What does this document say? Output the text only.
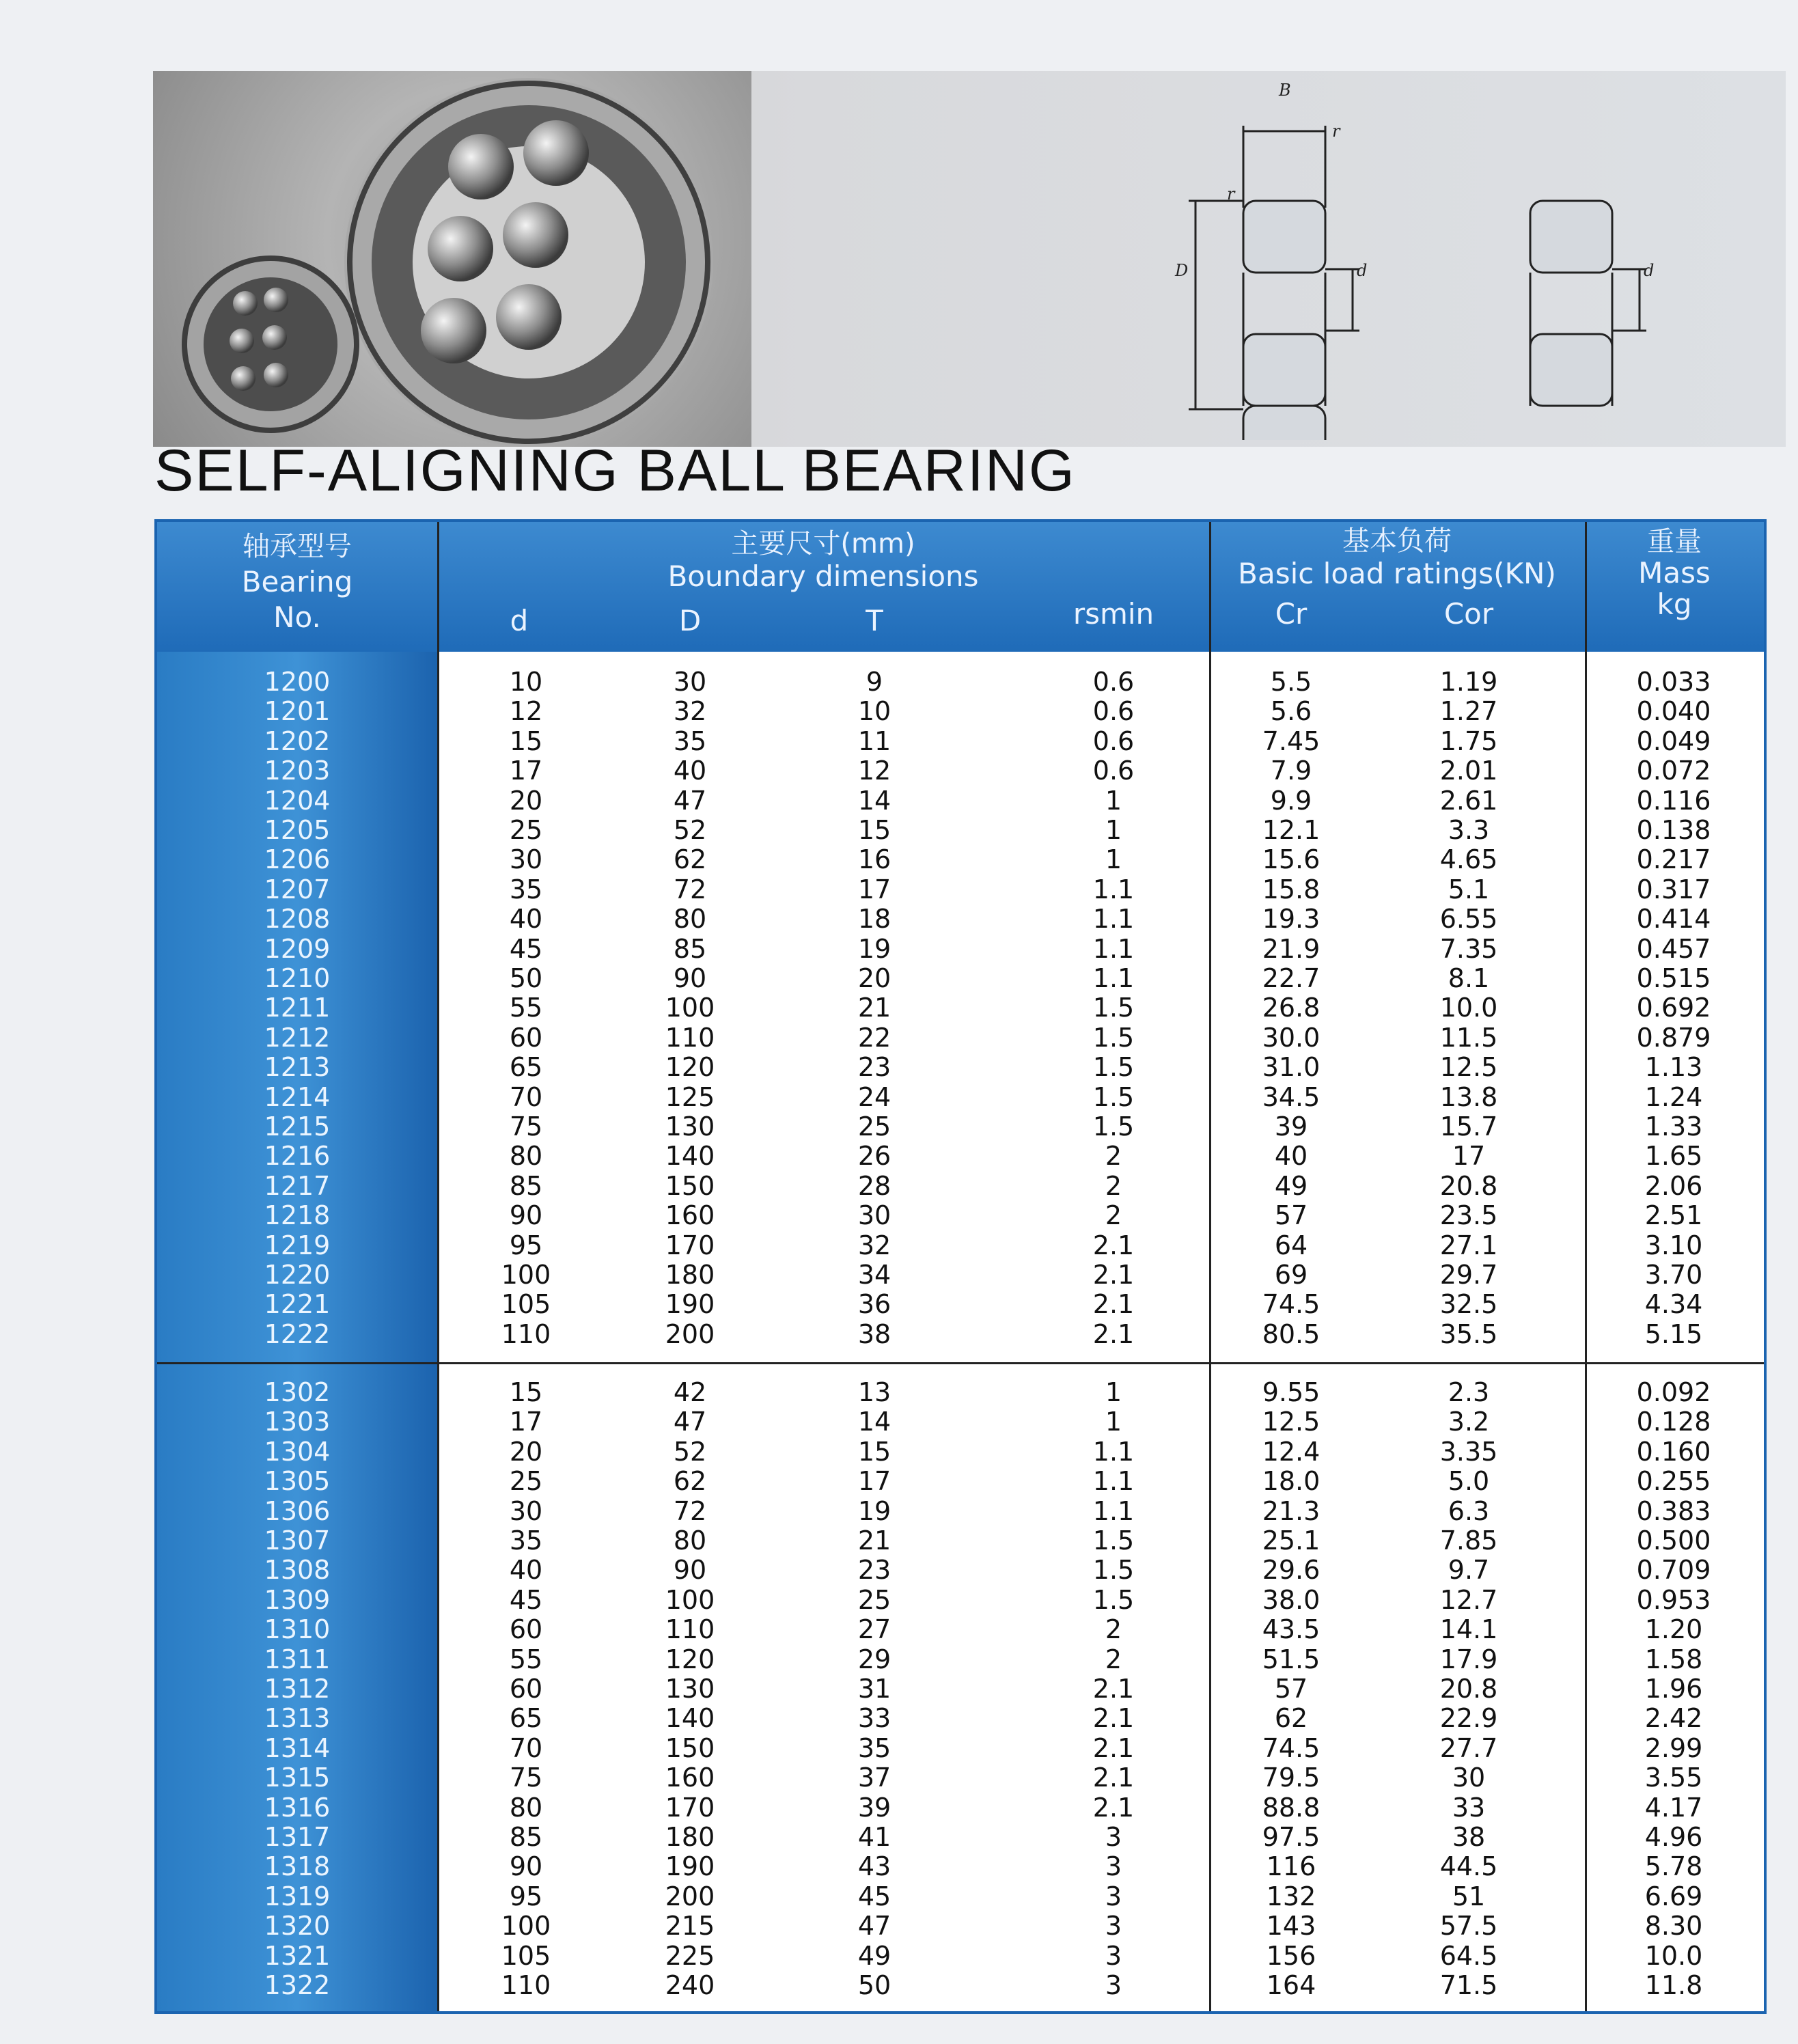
B
r
r
D	d	d
SELF-ALIGNING BALL BEARING
轴承型号
Bearing
No.
主要尺寸(mm)
Boundary dimensions
d	D	T	rsmin
基本负荷
Basic load ratings(KN)
Cr	Cor
重量
Mass
kg
1200	10	30	9	0.6	5.5	1.19	0.033
1201	12	32	10	0.6	5.6	1.27	0.040
1202	15	35	11	0.6	7.45	1.75	0.049
1203	17	40	12	0.6	7.9	2.01	0.072
1204	20	47	14	1	9.9	2.61	0.116
1205	25	52	15	1	12.1	3.3	0.138
1206	30	62	16	1	15.6	4.65	0.217
1207	35	72	17	1.1	15.8	5.1	0.317
1208	40	80	18	1.1	19.3	6.55	0.414
1209	45	85	19	1.1	21.9	7.35	0.457
1210	50	90	20	1.1	22.7	8.1	0.515
1211	55	100	21	1.5	26.8	10.0	0.692
1212	60	110	22	1.5	30.0	11.5	0.879
1213	65	120	23	1.5	31.0	12.5	1.13
1214	70	125	24	1.5	34.5	13.8	1.24
1215	75	130	25	1.5	39	15.7	1.33
1216	80	140	26	2	40	17	1.65
1217	85	150	28	2	49	20.8	2.06
1218	90	160	30	2	57	23.5	2.51
1219	95	170	32	2.1	64	27.1	3.10
1220	100	180	34	2.1	69	29.7	3.70
1221	105	190	36	2.1	74.5	32.5	4.34
1222	110	200	38	2.1	80.5	35.5	5.15
1302	15	42	13	1	9.55	2.3	0.092
1303	17	47	14	1	12.5	3.2	0.128
1304	20	52	15	1.1	12.4	3.35	0.160
1305	25	62	17	1.1	18.0	5.0	0.255
1306	30	72	19	1.1	21.3	6.3	0.383
1307	35	80	21	1.5	25.1	7.85	0.500
1308	40	90	23	1.5	29.6	9.7	0.709
1309	45	100	25	1.5	38.0	12.7	0.953
1310	60	110	27	2	43.5	14.1	1.20
1311	55	120	29	2	51.5	17.9	1.58
1312	60	130	31	2.1	57	20.8	1.96
1313	65	140	33	2.1	62	22.9	2.42
1314	70	150	35	2.1	74.5	27.7	2.99
1315	75	160	37	2.1	79.5	30	3.55
1316	80	170	39	2.1	88.8	33	4.17
1317	85	180	41	3	97.5	38	4.96
1318	90	190	43	3	116	44.5	5.78
1319	95	200	45	3	132	51	6.69
1320	100	215	47	3	143	57.5	8.30
1321	105	225	49	3	156	64.5	10.0
1322	110	240	50	3	164	71.5	11.8
